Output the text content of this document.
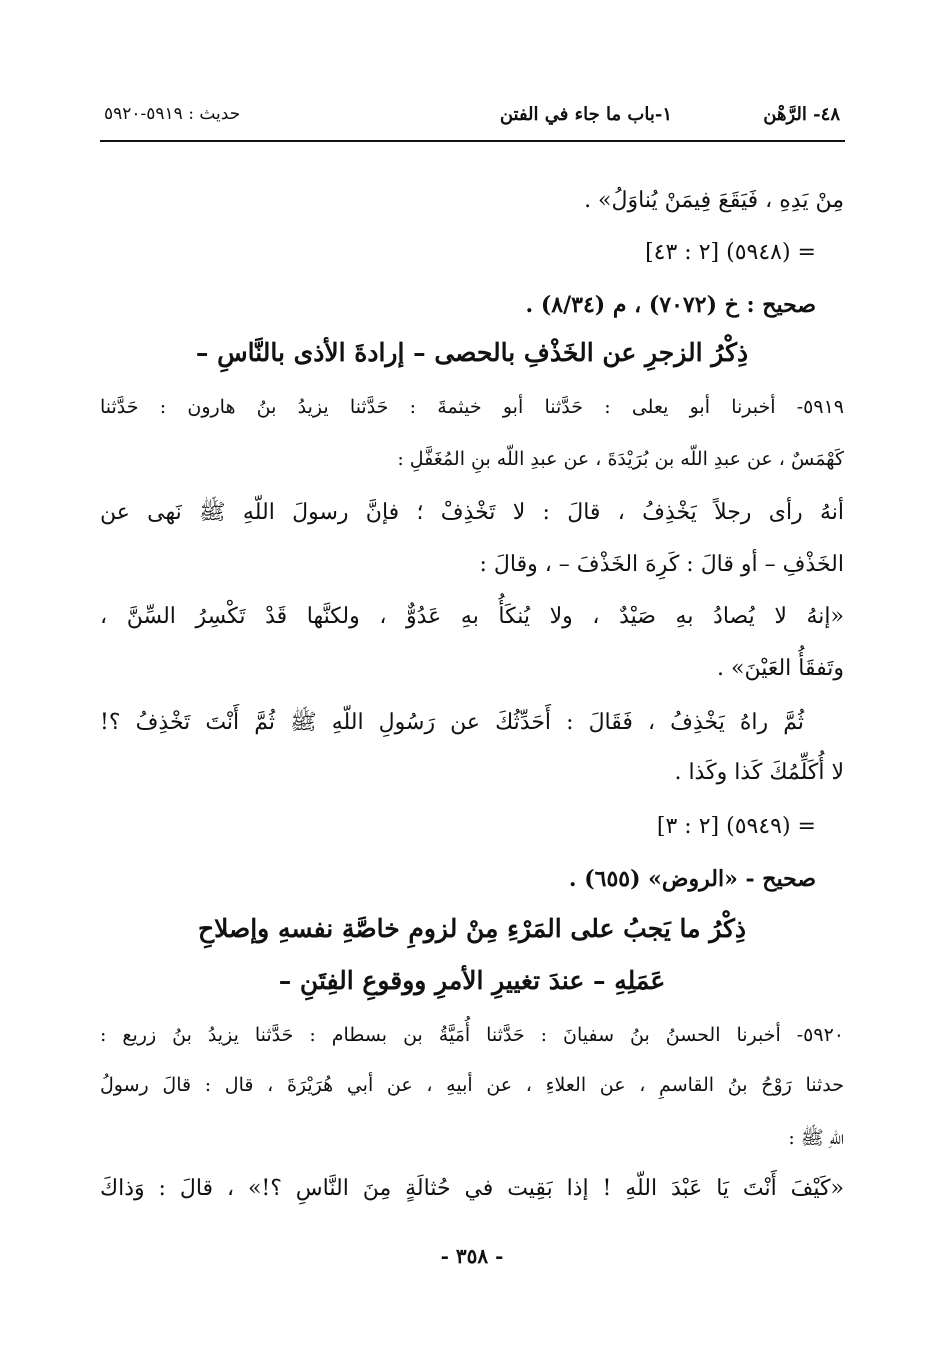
٤٨- الرَّهْن
١-باب ما جاء في الفتن
حديث : ٥٩١٩-٥٩٢٠
مِنْ يَدِهِ ، فَيَقَعَ فِيمَنْ يُناوَلُ» .
= (٥٩٤٨) [٢ : ٤٣]
صحيح : خ (٧٠٧٢) ، م (٨/٣٤) .
ذِكْرُ الزجرِ عن الخَذْفِ بالحصى – إرادةَ الأذى بالنَّاسِ –
٥٩١٩- أخبرنا أبو يعلى : حَدَّثنا أبو خيثمةَ : حَدَّثنا يزيدُ بنُ هارون : حَدَّثنا
كَهْمَسٌ ، عن عبدِ اللّه بن بُرَيْدَةَ ، عن عبدِ اللّه بنِ المُغَفَّلِ :
أنهُ رأى رجلاً يَخْذِفُ ، قالَ : لا تَخْذِفْ ؛ فإنَّ رسولَ اللّهِ ﷺ نَهى عن
الخَذْفِ – أو قالَ : كَرِهَ الخَذْفَ – ، وقالَ :
«إنهُ لا يُصادُ بهِ صَيْدٌ ، ولا يُنكَأُ بهِ عَدُوٌّ ، ولكنَّها قَدْ تَكْسِرُ السِّنَّ ،
وتَفقَأُ العَيْنَ» .
ثُمَّ راهُ يَخْذِفُ ، فَقَالَ : أَحَدِّثُكَ عن رَسُولِ اللّهِ ﷺ ثُمَّ أَنْتَ تَخْذِفُ ؟!
لا أُكَلِّمُكَ كَذا وكَذا .
= (٥٩٤٩) [٢ : ٣]
صحيح - «الروض» (٦٥٥) .
ذِكْرُ ما يَجبُ على المَرْءِ مِنْ لزومِ خاصَّةِ نفسهِ وإصلاحِ
عَمَلِهِ – عندَ تغييرِ الأمرِ ووقوعِ الفِتَنِ –
٥٩٢٠- أخبرنا الحسنُ بنُ سفيانَ : حَدَّثنا أُمَيَّةُ بن بسطام : حَدَّثنا يزيدُ بنُ زريع :
حدثنا رَوْحُ بنُ القاسمِ ، عن العلاءِ ، عن أبيهِ ، عن أبي هُرَيْرَةَ ، قال : قالَ رسولُ
اللّهِ ﷺ :
«كَيْفَ أَنْتَ يَا عَبْدَ اللّهِ ! إذا بَقِيت في حُثالَةٍ مِنَ النَّاسِ ؟!» ، قالَ : وَذاكَ
- ٣٥٨ -
